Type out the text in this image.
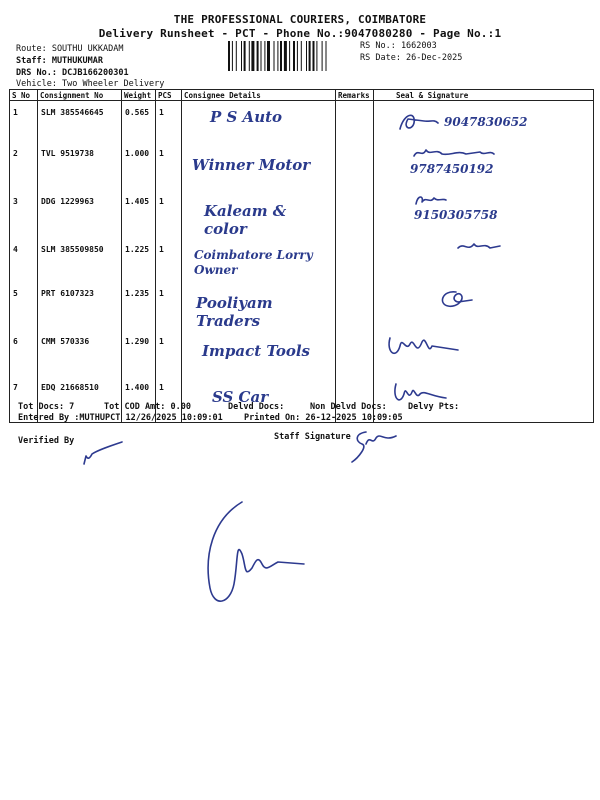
THE PROFESSIONAL COURIERS, COIMBATORE
Delivery Runsheet - PCT - Phone No.:9047080280 - Page No.:1
Route: SOUTHU UKKADAM
Staff: MUTHUKUMAR
DRS No.: DCJB166200301
Vehicle: Two Wheeler Delivery
RS No.: 1662003
RS Date: 26-Dec-2025
S No	Consignment No	Weight	PCS	Consignee Details	Remarks	Seal & Signature
1	SLM 385546645	0.565	1	P S Auto		9047830652

2	TVL 9519738	1.000	1	Winner Motor		9787450192

3	DDG 1229963	1.405	1	Kaleam & color		9150305758

4	SLM 385509850	1.225	1	Coimbatore Lorry Owner		

5	PRT 6107323	1.235	1	Pooliyam Traders		

6	CMM 570336	1.290	1	Impact Tools		

7	EDQ 21668510	1.400	1	SS Car		
Tot Docs: 7	Tot COD Amt: 0.00	Delvd Docs:	Non Delvd Docs: Delvy Pts:
Entered By :MUTHUPCT 12/26/2025 10:09:01	Printed On: 26-12-2025 10:09:05
Verified By	Staff Signature
